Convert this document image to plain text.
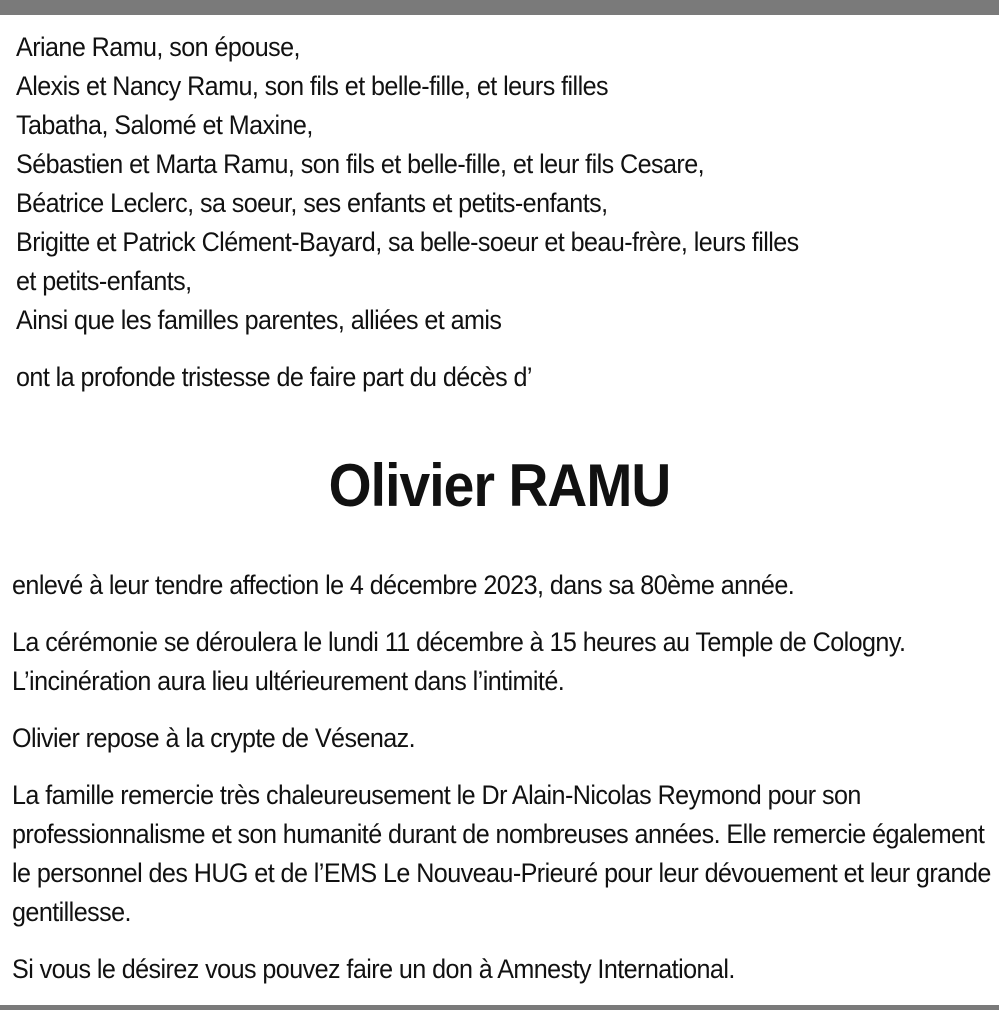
Ariane Ramu, son épouse,
Alexis et Nancy Ramu, son fils et belle-fille, et leurs filles
Tabatha, Salomé et Maxine,
Sébastien et Marta Ramu, son fils et belle-fille, et leur fils Cesare,
Béatrice Leclerc, sa soeur, ses enfants et petits-enfants,
Brigitte et Patrick Clément-Bayard, sa belle-soeur et beau-frère, leurs filles
et petits-enfants,
Ainsi que les familles parentes, alliées et amis
ont la profonde tristesse de faire part du décès d’
Olivier RAMU

enlevé à leur tendre affection le 4 décembre 2023, dans sa 80ème année.

La cérémonie se déroulera le lundi 11 décembre à 15 heures au Temple de Cologny. L’incinération aura lieu ultérieurement dans l’intimité.

Olivier repose à la crypte de Vésenaz.

La famille remercie très chaleureusement le Dr Alain-Nicolas Reymond pour son professionnalisme et son humanité durant de nombreuses années. Elle remercie également le personnel des HUG et de l’EMS Le Nouveau-Prieuré pour leur dévouement et leur grande gentillesse.

Si vous le désirez vous pouvez faire un don à Amnesty International.
